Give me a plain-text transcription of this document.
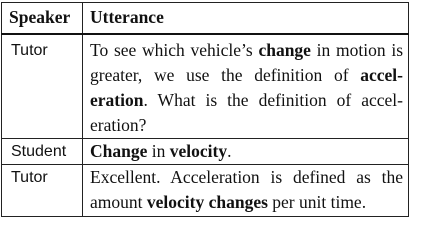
Speaker	Utterance
Tutor	To see which vehicle’s change in motion is greater, we use the definition of accel-eration. What is the definition of accel-eration?
Student	Change in velocity.
Tutor	Excellent. Acceleration is defined as the amount velocity changes per unit time.
